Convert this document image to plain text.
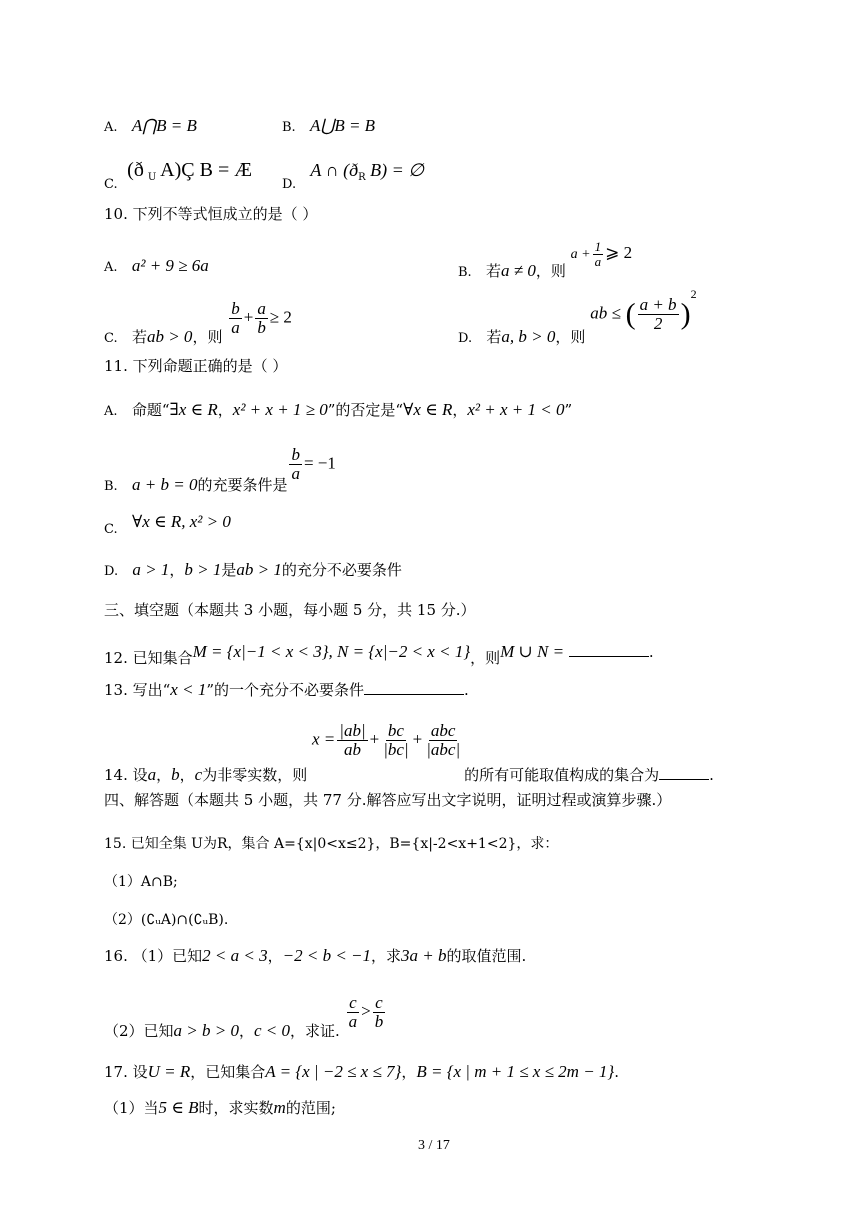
A. A⋂B = B	B. A⋃B = B
C.  (ð $_U$ A)Ç B = Æ
D.   A ∩ ($ð_R$ B) = ∅
10. 下列不等式恒成立的是（ ）
A. a² + 9 ≥ 6a	B. 若a ≠ 0，则 $a + \frac{1}{a}$ ⩾ 2
C. 若ab > 0，则
$\frac{b}{a} + \frac{a}{b} \ge 2$
D. 若a, b > 0，则 ab ≤ ( $\frac{a + b}{2} )^2$
11. 下列命题正确的是（ ）
A. 命题“∃x ∈ R，x² + x + 1 ≥ 0”的否定是“∀x ∈ R，x² + x + 1 < 0”
B. a + b = 0的充要条件是
$\frac{b}{a} = -1$
C. ∀x ∈ R, x² > 0
D. a > 1，b > 1是ab > 1的充分不必要条件
三、填空题（本题共 3 小题，每小题 5 分，共 15 分.）
12. 已知集合M = {x|−1 < x < 3}, N = {x|−2 < x < 1}，则M ∪ N =	.
13. 写出“x < 1”的一个充分不必要条件	.
14. 设a，b，c为非零实数，则 $x = \frac{|ab|}{ab} + \frac{bc}{|bc|} + \frac{\text{abc}}{\text{|abc|}}$
的所有可能取值构成的集合为	.
四、解答题（本题共 5 小题，共 77 分.解答应写出文字说明，证明过程或演算步骤.）
15. 已知全集 U为R，集合 A={x|0<x≤2}，B={x|-2<x+1<2}，求：
（1）A∩B;
（2）(∁ᵤA)∩(∁ᵤB).
16. （1）已知2 < a < 3，−2 < b < −1，求3a + b的取值范围.
（2）已知a > b > 0，c < 0，求证.
$\frac{c}{a} > \frac{c}{b}$
17. 设U = R，已知集合A = {x | −2 ≤ x ≤ 7}，B = {x | m + 1 ≤ x ≤ 2m − 1}.
（1）当5 ∈ B时，求实数m的范围;
3 / 17
